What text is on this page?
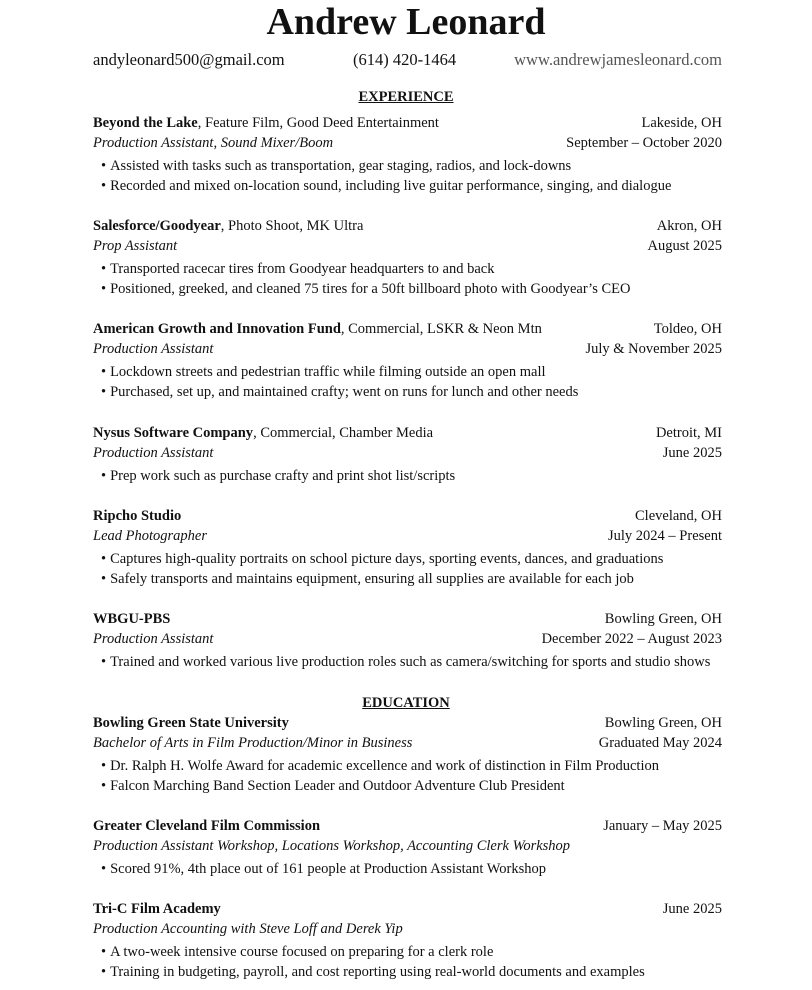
Andrew Leonard
andyleonard500@gmail.com	(614) 420-1464	www.andrewjamesleonard.com
EXPERIENCE
Beyond the Lake, Feature Film, Good Deed Entertainment	Lakeside, OH
Production Assistant, Sound Mixer/Boom	September – October 2020
• Assisted with tasks such as transportation, gear staging, radios, and lock-downs
• Recorded and mixed on-location sound, including live guitar performance, singing, and dialogue
Salesforce/Goodyear, Photo Shoot, MK Ultra	Akron, OH
Prop Assistant	August 2025
• Transported racecar tires from Goodyear headquarters to and back
• Positioned, greeked, and cleaned 75 tires for a 50ft billboard photo with Goodyear’s CEO
American Growth and Innovation Fund, Commercial, LSKR & Neon Mtn	Toldeo, OH
Production Assistant	July & November 2025
• Lockdown streets and pedestrian traffic while filming outside an open mall
• Purchased, set up, and maintained crafty; went on runs for lunch and other needs
Nysus Software Company, Commercial, Chamber Media	Detroit, MI
Production Assistant	June 2025
• Prep work such as purchase crafty and print shot list/scripts
Ripcho Studio	Cleveland, OH
Lead Photographer	July 2024 – Present
• Captures high-quality portraits on school picture days, sporting events, dances, and graduations
• Safely transports and maintains equipment, ensuring all supplies are available for each job
WBGU-PBS	Bowling Green, OH
Production Assistant	December 2022 – August 2023
• Trained and worked various live production roles such as camera/switching for sports and studio shows
EDUCATION
Bowling Green State University	Bowling Green, OH
Bachelor of Arts in Film Production/Minor in Business	Graduated May 2024
• Dr. Ralph H. Wolfe Award for academic excellence and work of distinction in Film Production
• Falcon Marching Band Section Leader and Outdoor Adventure Club President
Greater Cleveland Film Commission	January – May 2025
Production Assistant Workshop, Locations Workshop, Accounting Clerk Workshop
• Scored 91%, 4th place out of 161 people at Production Assistant Workshop
Tri-C Film Academy	June 2025
Production Accounting with Steve Loff and Derek Yip
• A two-week intensive course focused on preparing for a clerk role
• Training in budgeting, payroll, and cost reporting using real-world documents and examples
